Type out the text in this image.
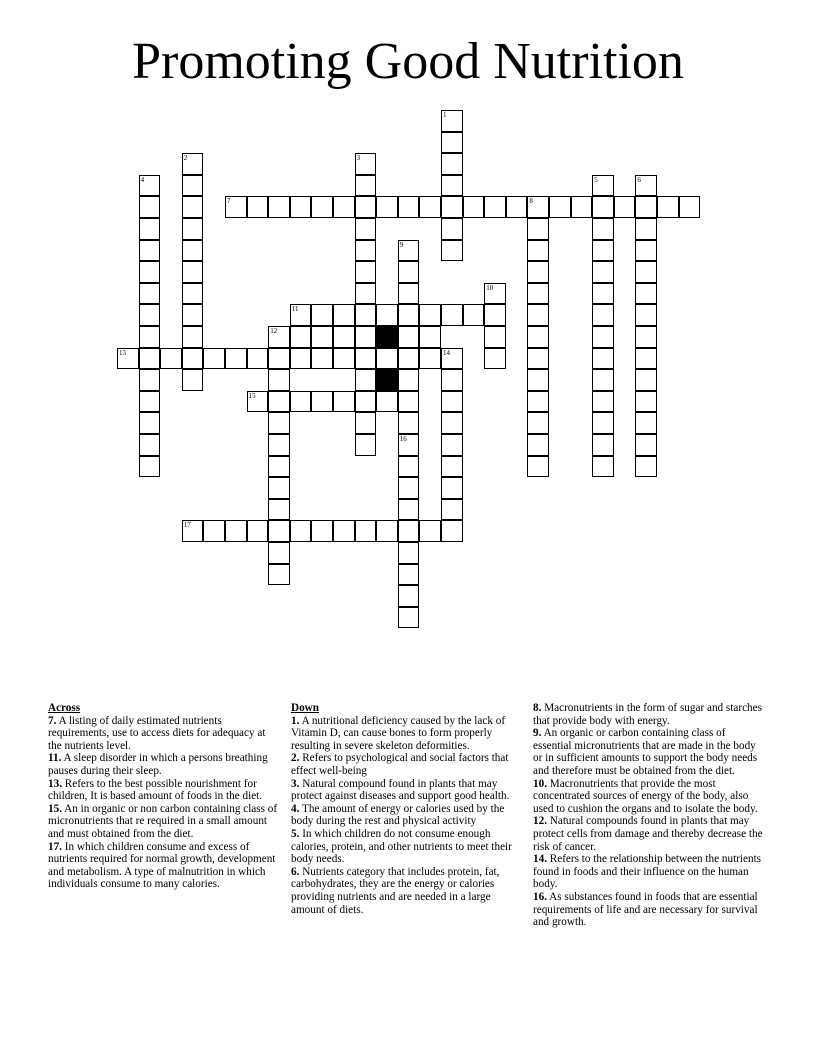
Promoting Good Nutrition
1
2	3
4	5	6
7	8
9
10
11
12
13	14
15
16
17
Across
7. A listing of daily estimated nutrients requirements, use to access diets for adequacy at the nutrients level.
11. A sleep disorder in which a persons breathing pauses during their sleep.
13. Refers to the best possible nourishment for children, It is based amount of foods in the diet.
15. An in organic or non carbon containing class of micronutrients that re required in a small amount and must obtained from the diet.
17. In which children consume and excess of nutrients required for normal growth, development and metabolism. A type of malnutrition in which individuals consume to many calories.
Down
1. A nutritional deficiency caused by the lack of Vitamin D, can cause bones to form properly resulting in severe skeleton deformities.
2. Refers to psychological and social factors that effect well-being
3. Natural compound found in plants that may protect against diseases and support good health.
4. The amount of energy or calories used by the body during the rest and physical activity
5. In which children do not consume enough calories, protein, and other nutrients to meet their body needs.
6. Nutrients category that includes protein, fat, carbohydrates, they are the energy or calories providing nutrients and are needed in a large amount of diets.
8. Macronutrients in the form of sugar and starches that provide body with energy.
9. An organic or carbon containing class of essential micronutrients that are made in the body or in sufficient amounts to support the body needs and therefore must be obtained from the diet.
10. Macronutrients that provide the most concentrated sources of energy of the body, also used to cushion the organs and to isolate the body.
12. Natural compounds found in plants that may protect cells from damage and thereby decrease the risk of cancer.
14. Refers to the relationship between the nutrients found in foods and their influence on the human body.
16. As substances found in foods that are essential requirements of life and are necessary for survival and growth.
